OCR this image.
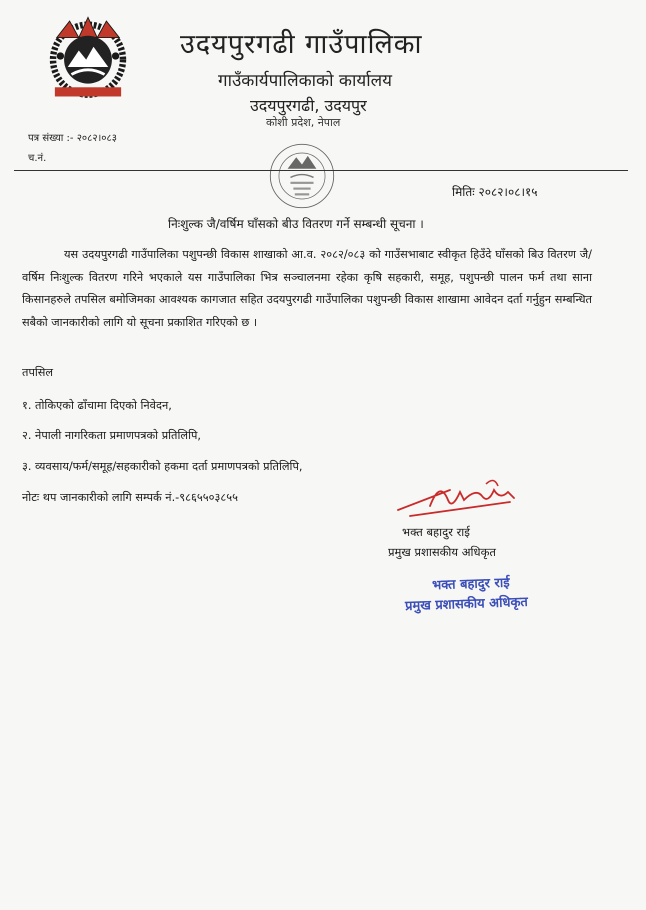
उदयपुरगढी गाउँपालिका
गाउँकार्यपालिकाको कार्यालय
उदयपुरगढी, उदयपुर
कोशी प्रदेश, नेपाल
पत्र संख्या :- २०८२।०८३
च.नं.
मितिः २०८२।०८।१५
निःशुल्क जै/वर्षिम घाँसको बीउ वितरण गर्ने सम्बन्धी सूचना ।
यस उदयपुरगढी गाउँपालिका पशुपन्छी विकास शाखाको आ.व. २०८२/०८३ को गाउँसभाबाट स्वीकृत हिउँदे घाँसको बिउ वितरण जै/वर्षिम निःशुल्क वितरण गरिने भएकाले यस गाउँपालिका भित्र सञ्चालनमा रहेका कृषि सहकारी, समूह, पशुपन्छी पालन फर्म तथा साना किसानहरुले तपसिल बमोजिमका आवश्यक कागजात सहित उदयपुरगढी गाउँपालिका पशुपन्छी विकास शाखामा आवेदन दर्ता गर्नुहुन सम्बन्धित सबैको जानकारीको लागि यो सूचना प्रकाशित गरिएको छ ।
तपसिल
१. तोकिएको ढाँचामा दिएको निवेदन,
२. नेपाली नागरिकता प्रमाणपत्रको प्रतिलिपि,
३. व्यवसाय/फर्म/समूह/सहकारीको हकमा दर्ता प्रमाणपत्रको प्रतिलिपि,
नोटः थप जानकारीको लागि सम्पर्क नं.-९८६५५०३८५५
भक्त बहादुर राई
प्रमुख प्रशासकीय अधिकृत
भक्त बहादुर राई
प्रमुख प्रशासकीय अधिकृत
